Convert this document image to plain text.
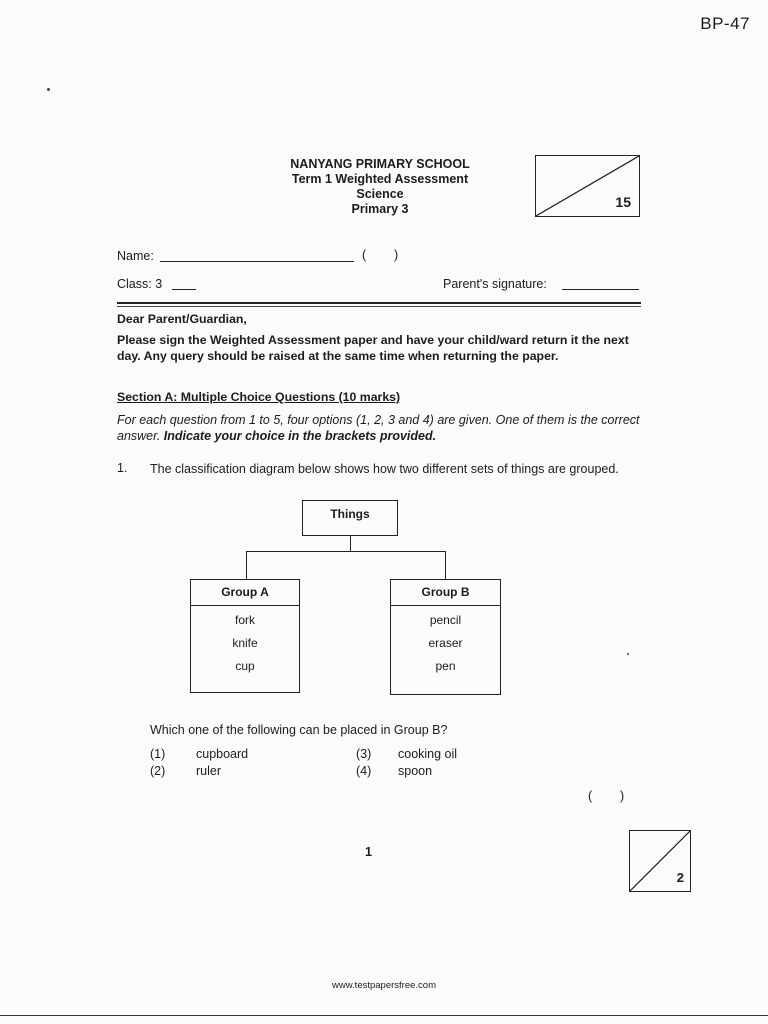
BP-47
NANYANG PRIMARY SCHOOL
Term 1 Weighted Assessment
Science
Primary 3	15
Name:	(        )
Class: 3	Parent's signature:
Dear Parent/Guardian,
Please sign the Weighted Assessment paper and have your child/ward return it the next day. Any query should be raised at the same time when returning the paper.
Section A: Multiple Choice Questions (10 marks)
For each question from 1 to 5, four options (1, 2, 3 and 4) are given. One of them is the correct answer. Indicate your choice in the brackets provided.
1. The classification diagram below shows how two different sets of things are grouped.
Things
Group A
fork
knife
cup
Group B
pencil
eraser
pen
Which one of the following can be placed in Group B?
(1) cupboard
(2) ruler
(3) cooking oil
(4) spoon
(        )
1
2
www.testpapersfree.com
